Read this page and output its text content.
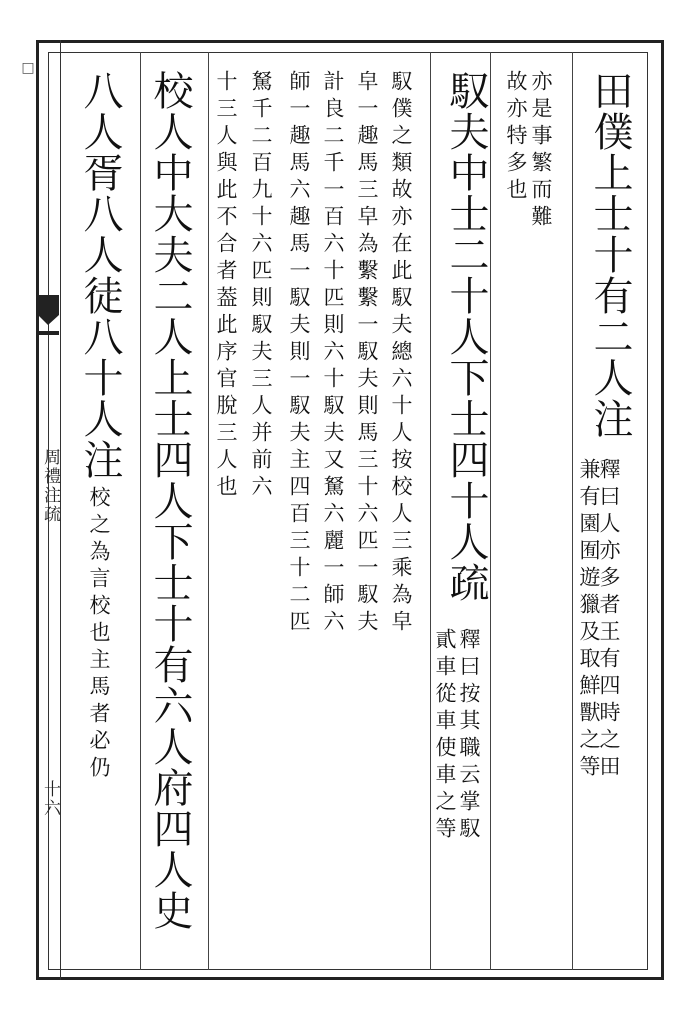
周禮注疏
十六
田僕上士十有二人注
釋曰人亦多者王有四時之田
兼有園囿遊獵及取鮮獸之等
亦是事繁而難
故亦特多也
馭夫中士二十人下士四十人疏
釋曰按其職云掌馭
貳車從車使車之等
馭僕之類故亦在此馭夫總六十人按校人三乘為皁
皁一趣馬三皁為繫繫一馭夫則馬三十六匹一馭夫
計良二千一百六十匹則六十馭夫又駑六麗一師六
師一趣馬六趣馬一馭夫則一馭夫主四百三十二匹
駑千二百九十六匹則馭夫三人并前六
十三人與此不合者葢此序官脫三人也
校人中大夫二人上士四人下士十有六人府四人史
八人胥八人徒八十人注
校之為言校也主馬者必仍
□
